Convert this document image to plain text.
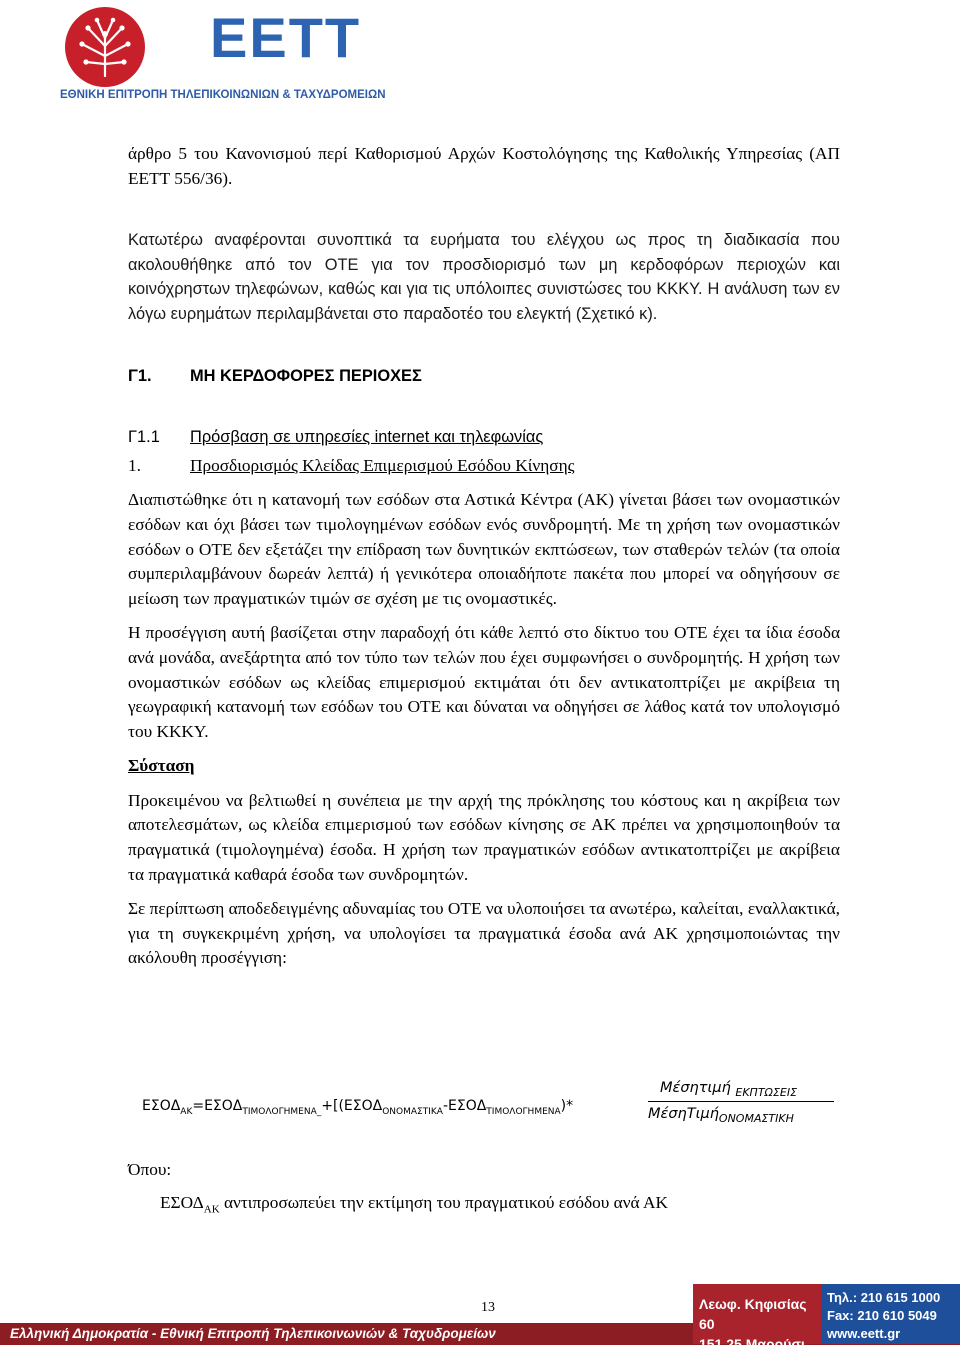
ΕΕΤΤ
ΕΘΝΙΚΗ ΕΠΙΤΡΟΠΗ ΤΗΛΕΠΙΚΟΙΝΩΝΙΩΝ & ΤΑΧΥΔΡΟΜΕΙΩΝ

άρθρο 5 του Κανονισμού περί Καθορισμού Αρχών Κοστολόγησης της Καθολικής Υπηρεσίας (ΑΠ ΕΕΤΤ 556/36).

Κατωτέρω αναφέρονται συνοπτικά τα ευρήματα του ελέγχου ως προς τη διαδικασία που ακολουθήθηκε από τον ΟΤΕ για τον προσδιορισμό των μη κερδοφόρων περιοχών και κοινόχρηστων τηλεφώνων, καθώς και για τις υπόλοιπες συνιστώσες του ΚΚΚΥ. Η ανάλυση των εν λόγω ευρημάτων περιλαμβάνεται στο παραδοτέο του ελεγκτή (Σχετικό κ).

Γ1.	ΜΗ ΚΕΡΔΟΦΟΡΕΣ ΠΕΡΙΟΧΕΣ
Γ1.1	Πρόσβαση σε υπηρεσίες internet και τηλεφωνίας
1.	Προσδιορισμός Κλείδας Επιμερισμού Εσόδου Κίνησης

Διαπιστώθηκε ότι η κατανομή των εσόδων στα Αστικά Κέντρα (ΑΚ) γίνεται βάσει των ονομαστικών εσόδων και όχι βάσει των τιμολογημένων εσόδων ενός συνδρομητή. Με τη χρήση των ονομαστικών εσόδων ο ΟΤΕ δεν εξετάζει την επίδραση των δυνητικών εκπτώσεων, των σταθερών τελών (τα οποία συμπεριλαμβάνουν δωρεάν λεπτά) ή γενικότερα οποιαδήποτε πακέτα που μπορεί να οδηγήσουν σε μείωση των πραγματικών τιμών σε σχέση με τις ονομαστικές.

Η προσέγγιση αυτή βασίζεται στην παραδοχή ότι κάθε λεπτό στο δίκτυο του ΟΤΕ έχει τα ίδια έσοδα ανά μονάδα, ανεξάρτητα από τον τύπο των τελών που έχει συμφωνήσει ο συνδρομητής. Η χρήση των ονομαστικών εσόδων ως κλείδας επιμερισμού εκτιμάται ότι δεν αντικατοπτρίζει με ακρίβεια τη γεωγραφική κατανομή των εσόδων του ΟΤΕ και δύναται να οδηγήσει σε λάθος κατά τον υπολογισμό του ΚΚΚΥ.

Σύσταση

Προκειμένου να βελτιωθεί η συνέπεια με την αρχή της πρόκλησης του κόστους και η ακρίβεια των αποτελεσμάτων, ως κλείδα επιμερισμού των εσόδων κίνησης σε ΑΚ πρέπει να χρησιμοποιηθούν τα πραγματικά (τιμολογημένα) έσοδα. Η χρήση των πραγματικών εσόδων αντικατοπτρίζει με ακρίβεια τα πραγματικά καθαρά έσοδα των συνδρομητών.

Σε περίπτωση αποδεδειγμένης αδυναμίας του ΟΤΕ να υλοποιήσει τα ανωτέρω, καλείται, εναλλακτικά, για τη συγκεκριμένη χρήση, να υπολογίσει τα πραγματικά έσοδα ανά ΑΚ χρησιμοποιώντας την ακόλουθη προσέγγιση:

$E\Sigma O\Delta_{AK}=E\Sigma O\Delta_{TIMO\Lambda O\Gamma HMENA\_}+[(E\Sigma O\Delta_{ONOMA\Sigma TIKA}-E\Sigma O\Delta_{TIMO\Lambda O\Gamma HMENA})*$
Μέσητιμή $_{EK\Pi T\Omega\Sigma EI\Sigma}$
ΜέσηΤιμή$_{ONOMA\Sigma TIKH}$
Όπου:
$E\Sigma O\Delta_{AK}$ αντιπροσωπεύει την εκτίμηση του πραγματικού εσόδου ανά ΑΚ
13
Ελληνική Δημοκρατία - Εθνική Επιτροπή Τηλεπικοινωνιών & Ταχυδρομείων
Λεωφ. Κηφισίας 60
151 25 Μαρούσι
Τηλ.: 210 615 1000
Fax: 210 610 5049
www.eett.gr
